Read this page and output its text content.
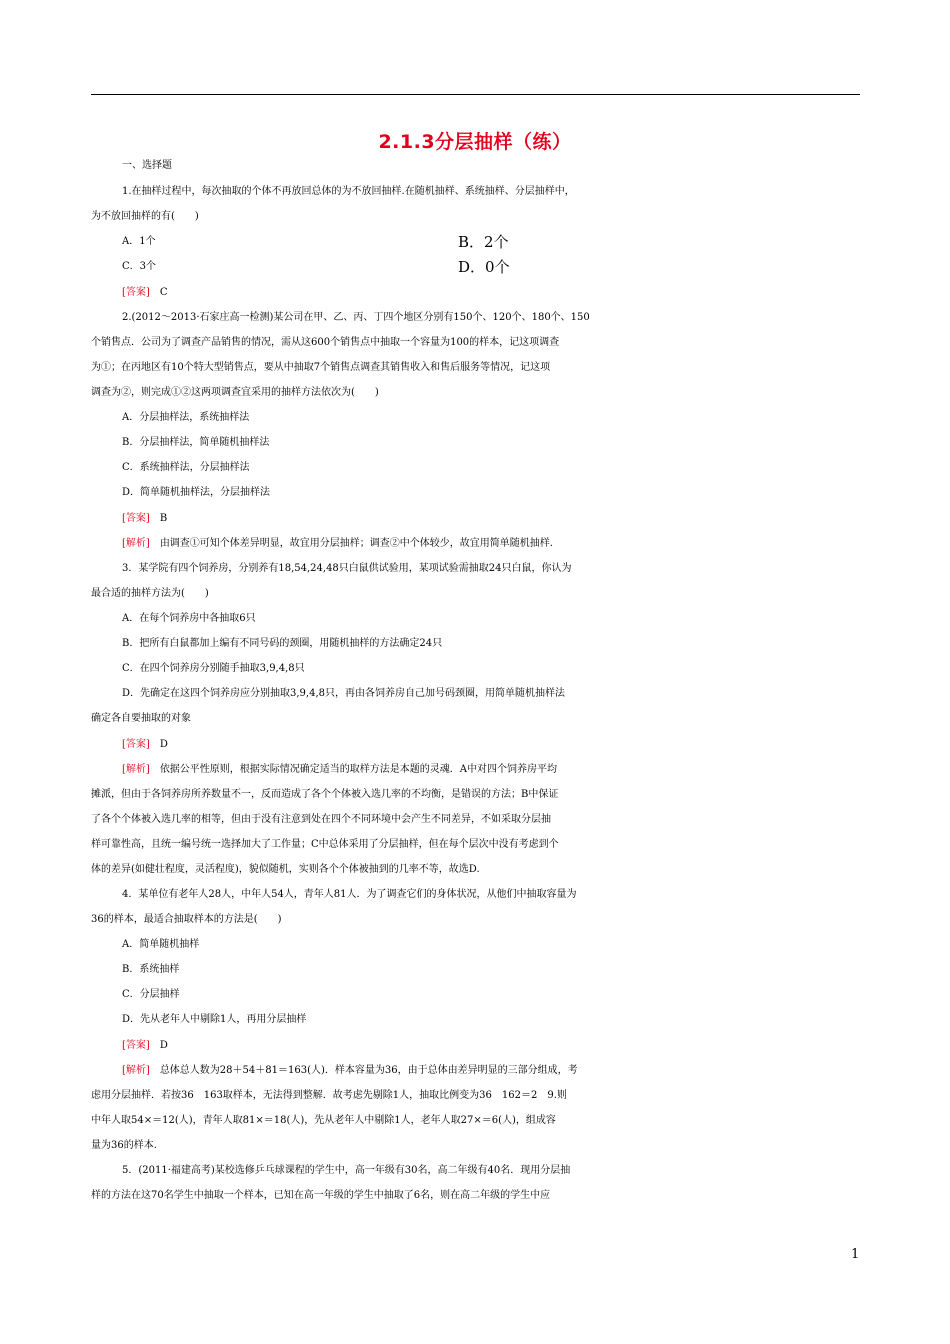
2.1.3分层抽样（练）
一、选择题
1.在抽样过程中，每次抽取的个体不再放回总体的为不放回抽样.在随机抽样、系统抽样、分层抽样中，
为不放回抽样的有(　　)
A．1个	B．2个
C．3个	D．0个
[答案]　 C
2.(2012～2013·石家庄高一检测)某公司在甲、乙、丙、丁四个地区分别有150个、120个、180个、150
个销售点．公司为了调查产品销售的情况，需从这600个销售点中抽取一个容量为100的样本，记这项调查
为①；在丙地区有10个特大型销售点，要从中抽取7个销售点调查其销售收入和售后服务等情况，记这项
调查为②，则完成①②这两项调查宜采用的抽样方法依次为(　　)
A．分层抽样法，系统抽样法
B．分层抽样法，简单随机抽样法
C．系统抽样法，分层抽样法
D．简单随机抽样法，分层抽样法
[答案]　 B
[解析]　 由调查①可知个体差异明显，故宜用分层抽样；调查②中个体较少，故宜用简单随机抽样.
3．某学院有四个饲养房，分别养有18,54,24,48只白鼠供试验用，某项试验需抽取24只白鼠，你认为
最合适的抽样方法为(　　)
A．在每个饲养房中各抽取6只
B．把所有白鼠都加上编有不同号码的颈圈，用随机抽样的方法确定24只
C．在四个饲养房分别随手抽取3,9,4,8只
D．先确定在这四个饲养房应分别抽取3,9,4,8只，再由各饲养房自己加号码颈圈，用简单随机抽样法
确定各自要抽取的对象
[答案]　 D
[解析]　 依据公平性原则，根据实际情况确定适当的取样方法是本题的灵魂．A中对四个饲养房平均
摊派，但由于各饲养房所养数量不一，反而造成了各个个体被入选几率的不均衡，是错误的方法；B中保证
了各个个体被入选几率的相等，但由于没有注意到处在四个不同环境中会产生不同差异，不如采取分层抽
样可靠性高，且统一编号统一选择加大了工作量；C中总体采用了分层抽样，但在每个层次中没有考虑到个
体的差异(如健壮程度，灵活程度)，貌似随机，实则各个个体被抽到的几率不等，故选D.
4．某单位有老年人28人，中年人54人，青年人81人．为了调查它们的身体状况，从他们中抽取容量为
36的样本，最适合抽取样本的方法是(　　)
A．简单随机抽样
B．系统抽样
C．分层抽样
D．先从老年人中剔除1人，再用分层抽样
[答案]　 D
[解析]　 总体总人数为28＋54＋81＝163(人)．样本容量为36，由于总体由差异明显的三部分组成，考
虑用分层抽样．若按36　163取样本，无法得到整解．故考虑先剔除1人，抽取比例变为36　162＝2　9.则
中年人取54×＝12(人)，青年人取81×＝18(人)，先从老年人中剔除1人，老年人取27×＝6(人)，组成容
量为36的样本.
5．(2011·福建高考)某校选修乒乓球课程的学生中，高一年级有30名，高二年级有40名．现用分层抽
样的方法在这70名学生中抽取一个样本，已知在高一年级的学生中抽取了6名，则在高二年级的学生中应
1
